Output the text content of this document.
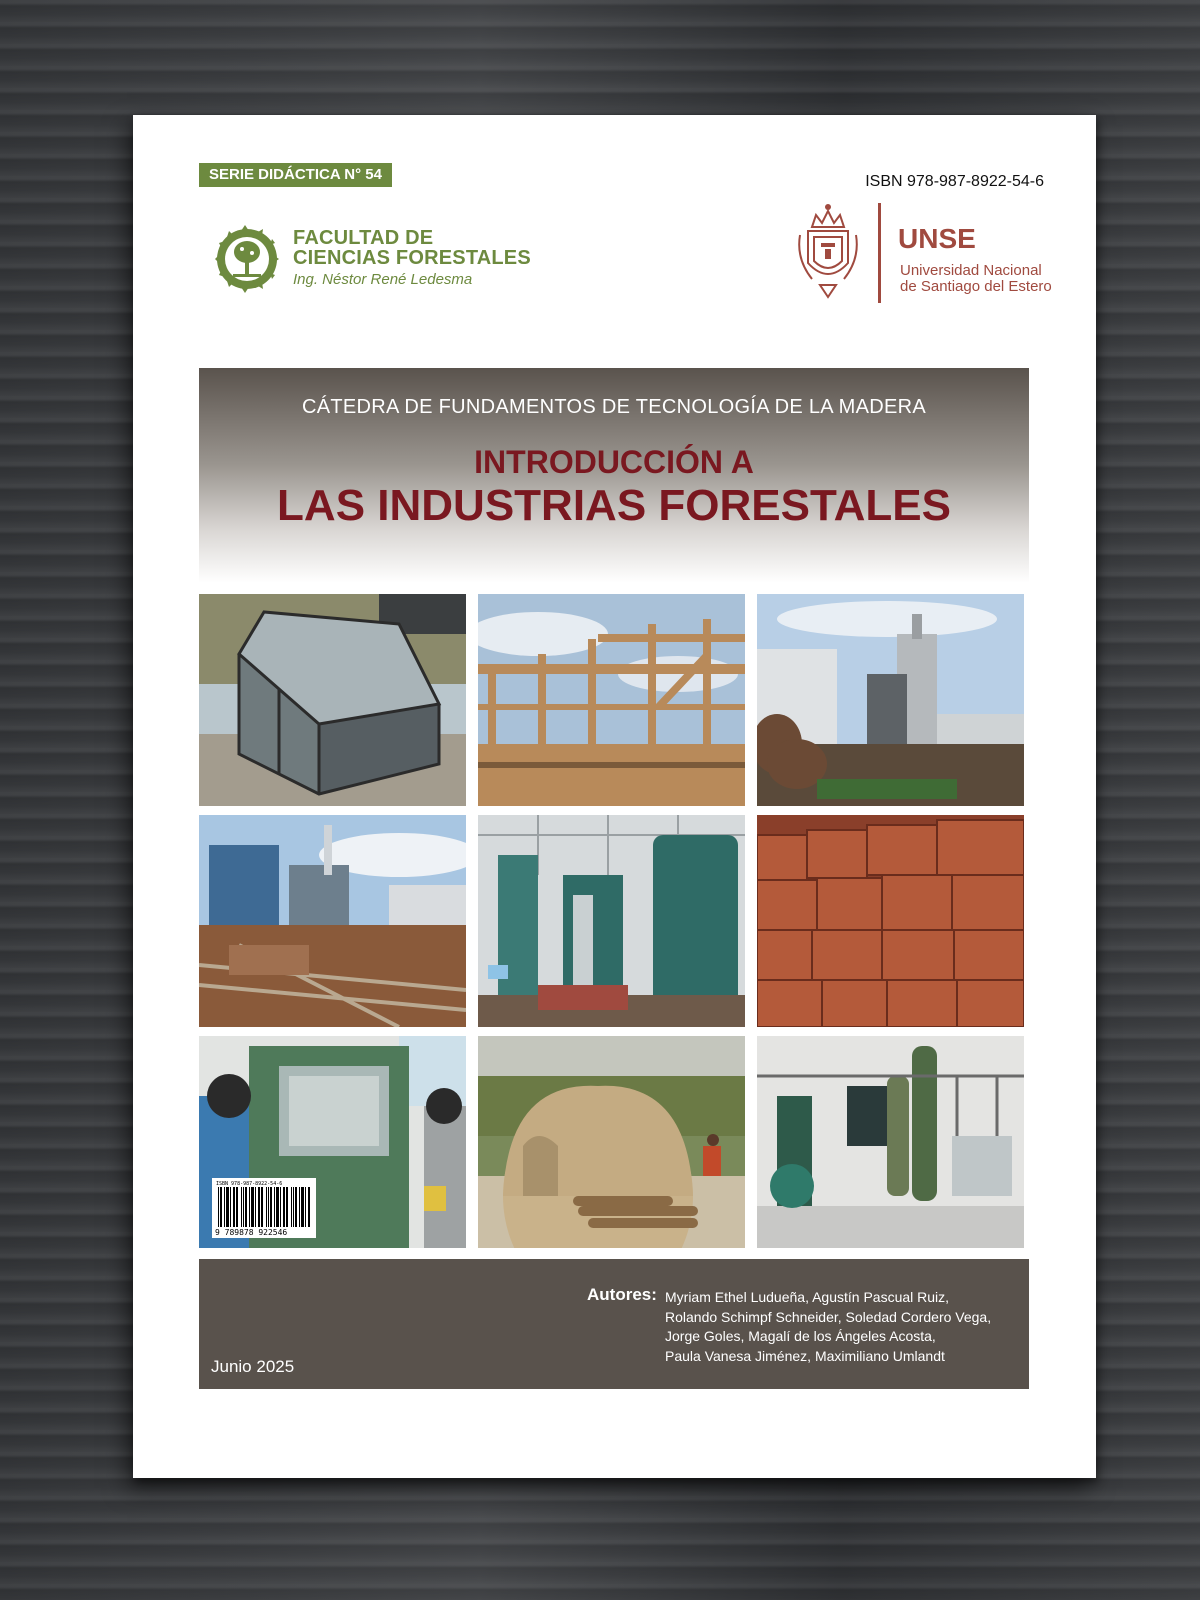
SERIE DIDÁCTICA N° 54	ISBN 978-987-8922-54-6
FACULTAD DE
CIENCIAS FORESTALES
Ing. Néstor René Ledesma
UNSE
Universidad Nacional
de Santiago del Estero
CÁTEDRA DE FUNDAMENTOS DE TECNOLOGÍA DE LA MADERA
INTRODUCCIÓN A
LAS INDUSTRIAS FORESTALES
ISBN 978-987-8922-54-6
9 789878 922546
Junio 2025
Autores: Myriam Ethel Ludueña, Agustín Pascual Ruiz,
Rolando Schimpf Schneider, Soledad Cordero Vega,
Jorge Goles, Magalí de los Ángeles Acosta,
Paula Vanesa Jiménez, Maximiliano Umlandt
